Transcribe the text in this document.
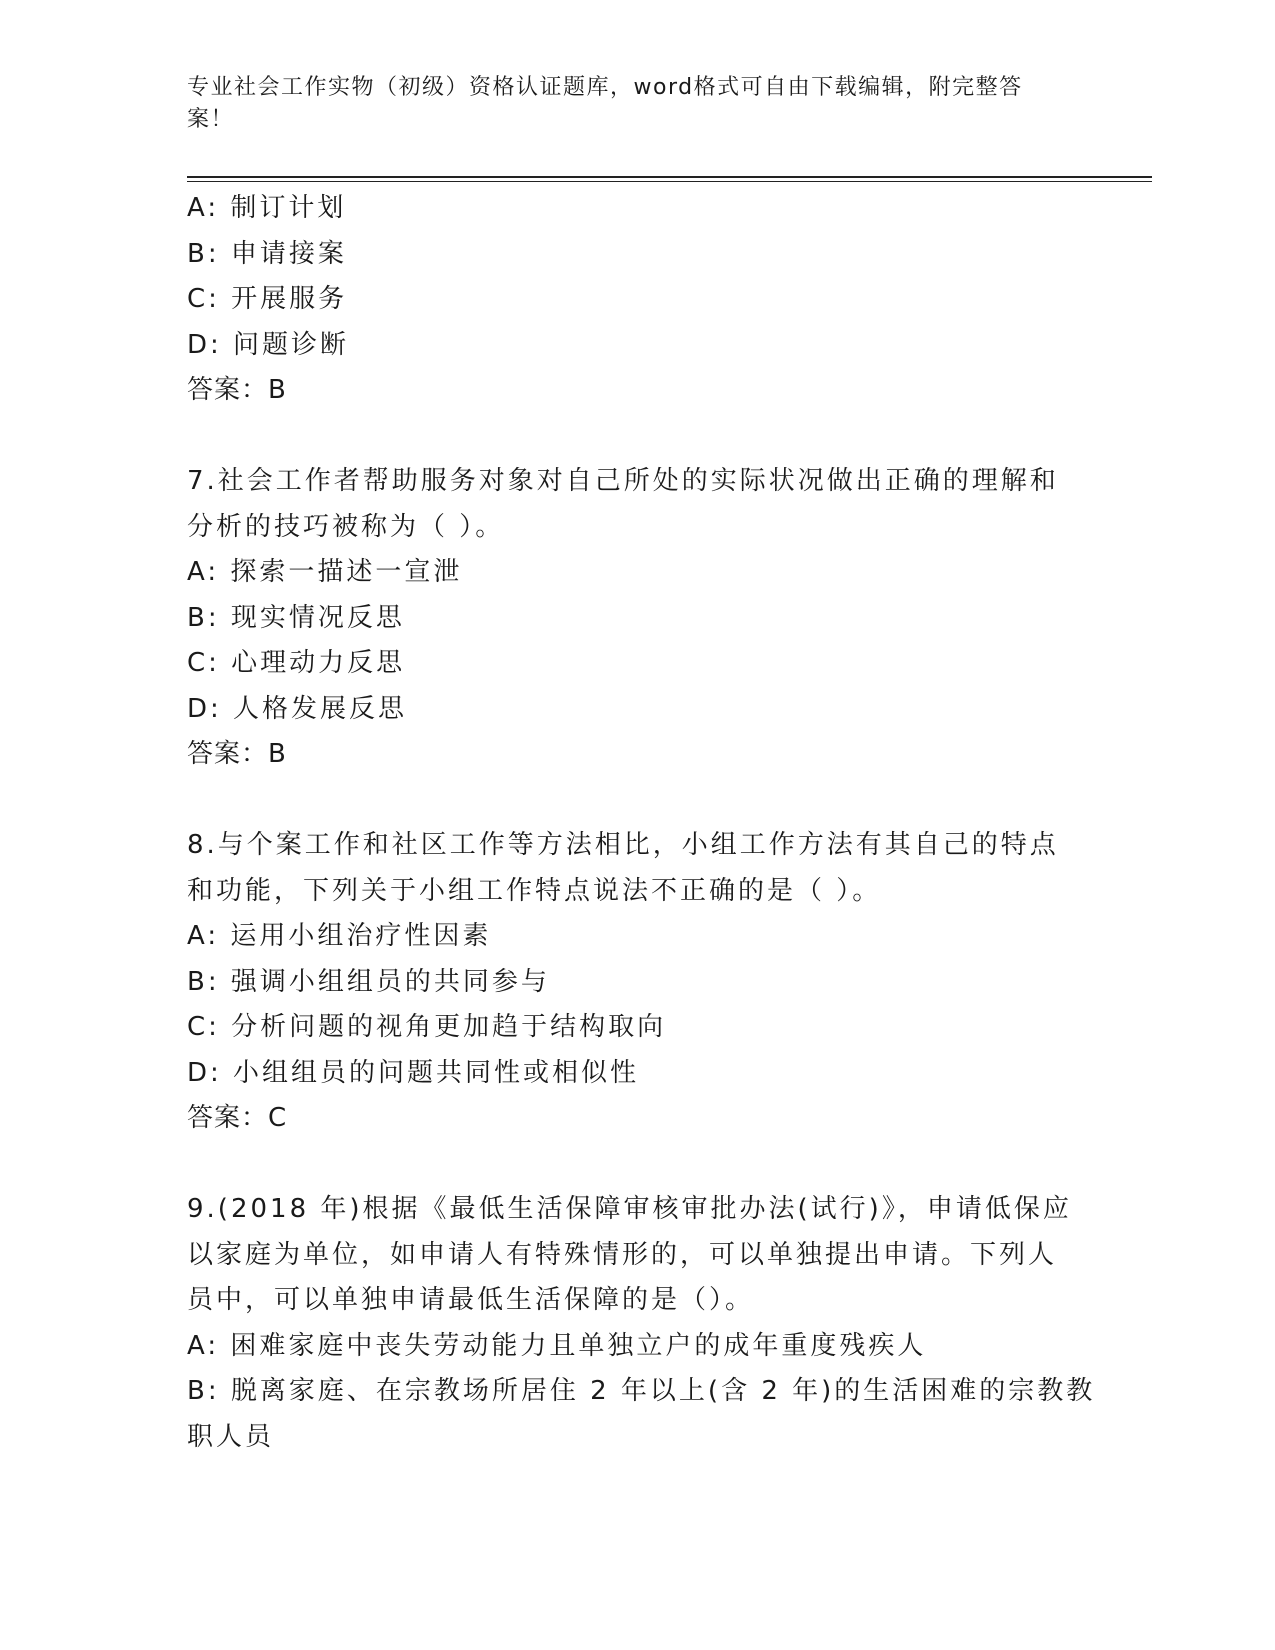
专业社会工作实物（初级）资格认证题库，word格式可自由下载编辑，附完整答案！
A: 制订计划
B: 申请接案
C: 开展服务
D: 问题诊断
答案：B
7.社会工作者帮助服务对象对自己所处的实际状况做出正确的理解和
分析的技巧被称为（ ）。
A: 探索一描述一宣泄
B: 现实情况反思
C: 心理动力反思
D: 人格发展反思
答案：B
8.与个案工作和社区工作等方法相比，小组工作方法有其自己的特点
和功能，下列关于小组工作特点说法不正确的是（ ）。
A: 运用小组治疗性因素
B: 强调小组组员的共同参与
C: 分析问题的视角更加趋于结构取向
D: 小组组员的问题共同性或相似性
答案：C
9.(2018 年)根据《最低生活保障审核审批办法(试行)》，申请低保应
以家庭为单位，如申请人有特殊情形的，可以单独提出申请。下列人
员中，可以单独申请最低生活保障的是（）。
A: 困难家庭中丧失劳动能力且单独立户的成年重度残疾人
B: 脱离家庭、在宗教场所居住 2 年以上(含 2 年)的生活困难的宗教教
职人员
